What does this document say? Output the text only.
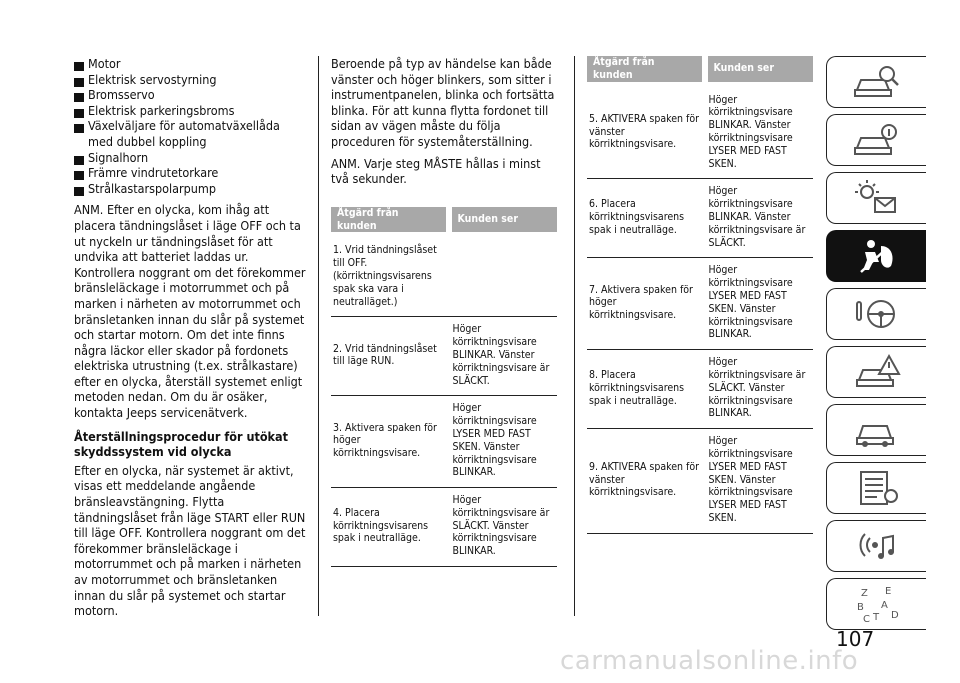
Motor
Elektrisk servostyrning
Bromsservo
Elektrisk parkeringsbroms
Växelväljare för automatväxellåda med dubbel koppling
Signalhorn
Främre vindrutetorkare
Strålkastarspolarpump

ANM. Efter en olycka, kom ihåg att placera tändningslåset i läge OFF och ta ut nyckeln ur tändningslåset för att undvika att batteriet laddas ur. Kontrollera noggrant om det förekommer bränsleläckage i motorrummet och på marken i närheten av motorrummet och bränsletanken innan du slår på systemet och startar motorn. Om det inte finns några läckor eller skador på fordonets elektriska utrustning (t.ex. strålkastare) efter en olycka, återställ systemet enligt metoden nedan. Om du är osäker, kontakta Jeeps servicenätverk.

Återställningsprocedur för utökat skyddssystem vid olycka

Efter en olycka, när systemet är aktivt, visas ett meddelande angående bränsleavstängning. Flytta tändningslåset från läge START eller RUN till läge OFF. Kontrollera noggrant om det förekommer bränsleläckage i motorrummet och på marken i närheten av motorrummet och bränsletanken innan du slår på systemet och startar motorn.

Beroende på typ av händelse kan både vänster och höger blinkers, som sitter i instrumentpanelen, blinka och fortsätta blinka. För att kunna flytta fordonet till sidan av vägen måste du följa proceduren för systemåterställning.

ANM. Varje steg MÅSTE hållas i minst två sekunder.

Åtgärd från kunden	Kunden ser
1. Vrid tändningslåset till OFF. (körriktningsvisarens spak ska vara i neutralläget.)	
2. Vrid tändningslåset till läge RUN.	Höger körriktningsvisare BLINKAR. Vänster körriktningsvisare är SLÄCKT.
3. Aktivera spaken för höger körriktningsvisare.	Höger körriktningsvisare LYSER MED FAST SKEN. Vänster körriktningsvisare BLINKAR.
4. Placera körriktningsvisarens spak i neutralläge.	Höger körriktningsvisare är SLÄCKT. Vänster körriktningsvisare BLINKAR.
Åtgärd från kunden	Kunden ser
5. AKTIVERA spaken för vänster körriktningsvisare.	Höger körriktningsvisare BLINKAR. Vänster körriktningsvisare LYSER MED FAST SKEN.
6. Placera körriktningsvisarens spak i neutralläge.	Höger körriktningsvisare BLINKAR. Vänster körriktningsvisare är SLÄCKT.
7. Aktivera spaken för höger körriktningsvisare.	Höger körriktningsvisare LYSER MED FAST SKEN. Vänster körriktningsvisare BLINKAR.
8. Placera körriktningsvisarens spak i neutralläge.	Höger körriktningsvisare är SLÄCKT. Vänster körriktningsvisare BLINKAR.
9. AKTIVERA spaken för vänster körriktningsvisare.	Höger körriktningsvisare LYSER MED FAST SKEN. Vänster körriktningsvisare LYSER MED FAST SKEN.
Z E
B A
C D
T
107
carmanualsonline.info
